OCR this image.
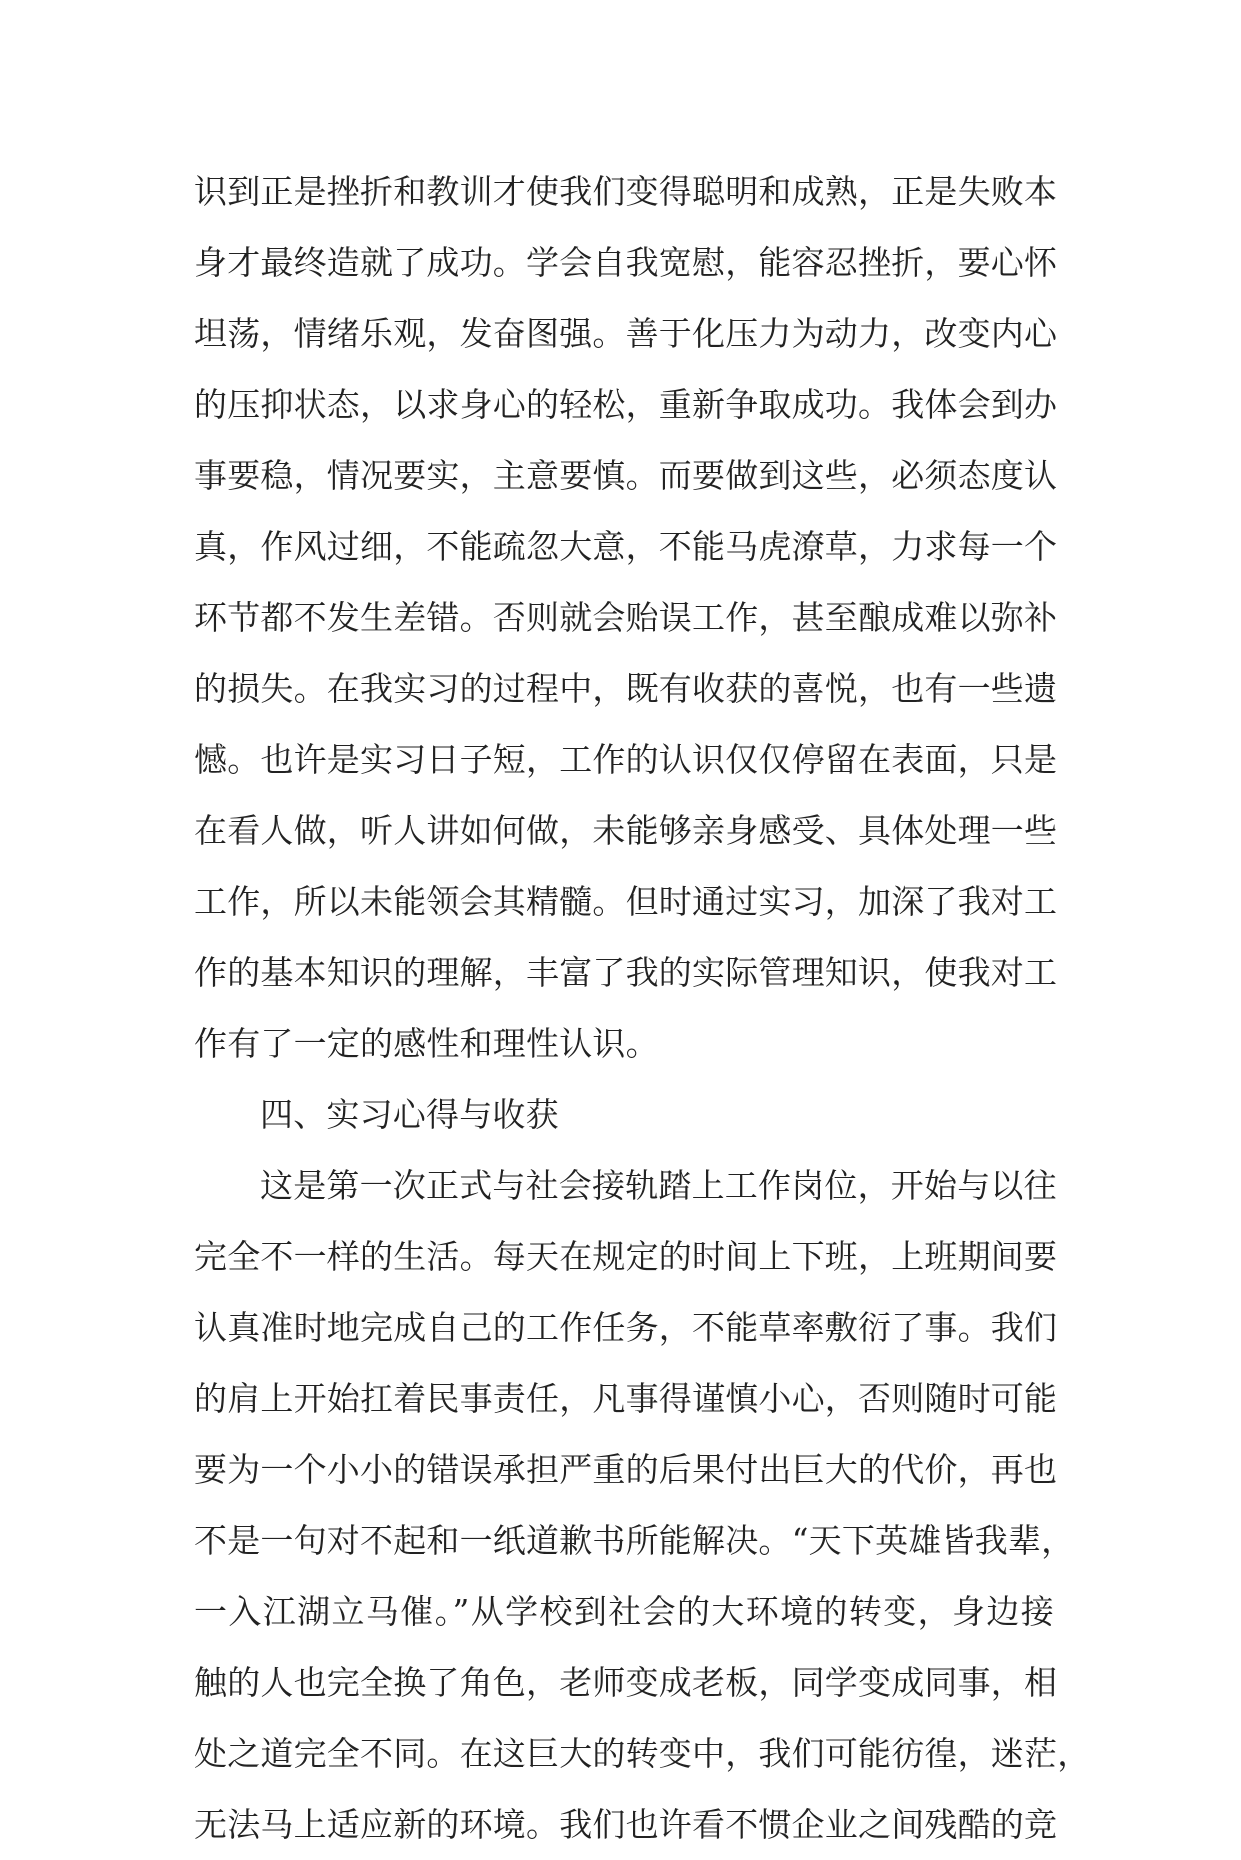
识到正是挫折和教训才使我们变得聪明和成熟，正是失败本
身才最终造就了成功。学会自我宽慰，能容忍挫折，要心怀
坦荡，情绪乐观，发奋图强。善于化压力为动力，改变内心
的压抑状态，以求身心的轻松，重新争取成功。我体会到办
事要稳，情况要实，主意要慎。而要做到这些，必须态度认
真，作风过细，不能疏忽大意，不能马虎潦草，力求每一个
环节都不发生差错。否则就会贻误工作，甚至酿成难以弥补
的损失。在我实习的过程中，既有收获的喜悦，也有一些遗
憾。也许是实习日子短，工作的认识仅仅停留在表面，只是
在看人做，听人讲如何做，未能够亲身感受、具体处理一些
工作，所以未能领会其精髓。但时通过实习，加深了我对工
作的基本知识的理解，丰富了我的实际管理知识，使我对工
作有了一定的感性和理性认识。
四、实习心得与收获
这是第一次正式与社会接轨踏上工作岗位，开始与以往
完全不一样的生活。每天在规定的时间上下班，上班期间要
认真准时地完成自己的工作任务，不能草率敷衍了事。我们
的肩上开始扛着民事责任，凡事得谨慎小心，否则随时可能
要为一个小小的错误承担严重的后果付出巨大的代价，再也
不是一句对不起和一纸道歉书所能解决。“天下英雄皆我辈，
一入江湖立马催。”从学校到社会的大环境的转变，身边接
触的人也完全换了角色，老师变成老板，同学变成同事，相
处之道完全不同。在这巨大的转变中，我们可能彷徨，迷茫，
无法马上适应新的环境。我们也许看不惯企业之间残酷的竞
